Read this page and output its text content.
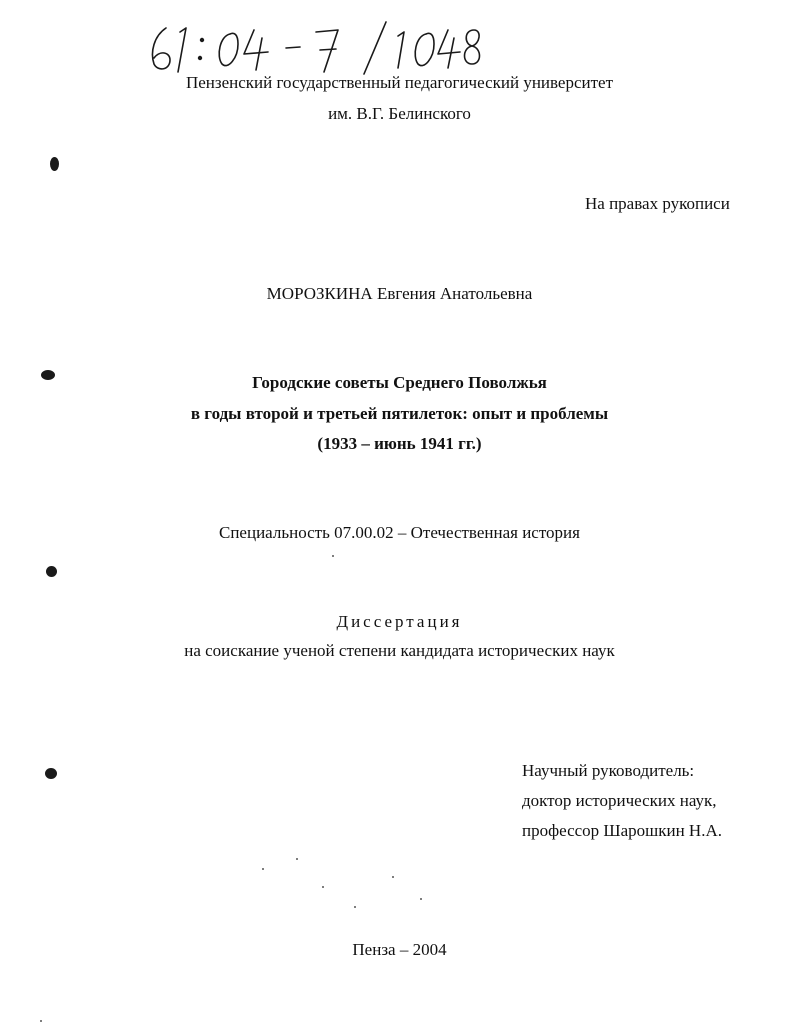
Пензенский государственный педагогический университет
им. В.Г. Белинского
На правах рукописи
МОРОЗКИНА Евгения Анатольевна
Городские советы Среднего Поволжья
в годы второй и третьей пятилеток: опыт и проблемы
(1933 – июнь 1941 гг.)
Специальность 07.00.02 – Отечественная история
Диссертация
на соискание ученой степени кандидата исторических наук
Научный руководитель:
доктор исторических наук,
профессор Шарошкин Н.А.
Пенза – 2004
